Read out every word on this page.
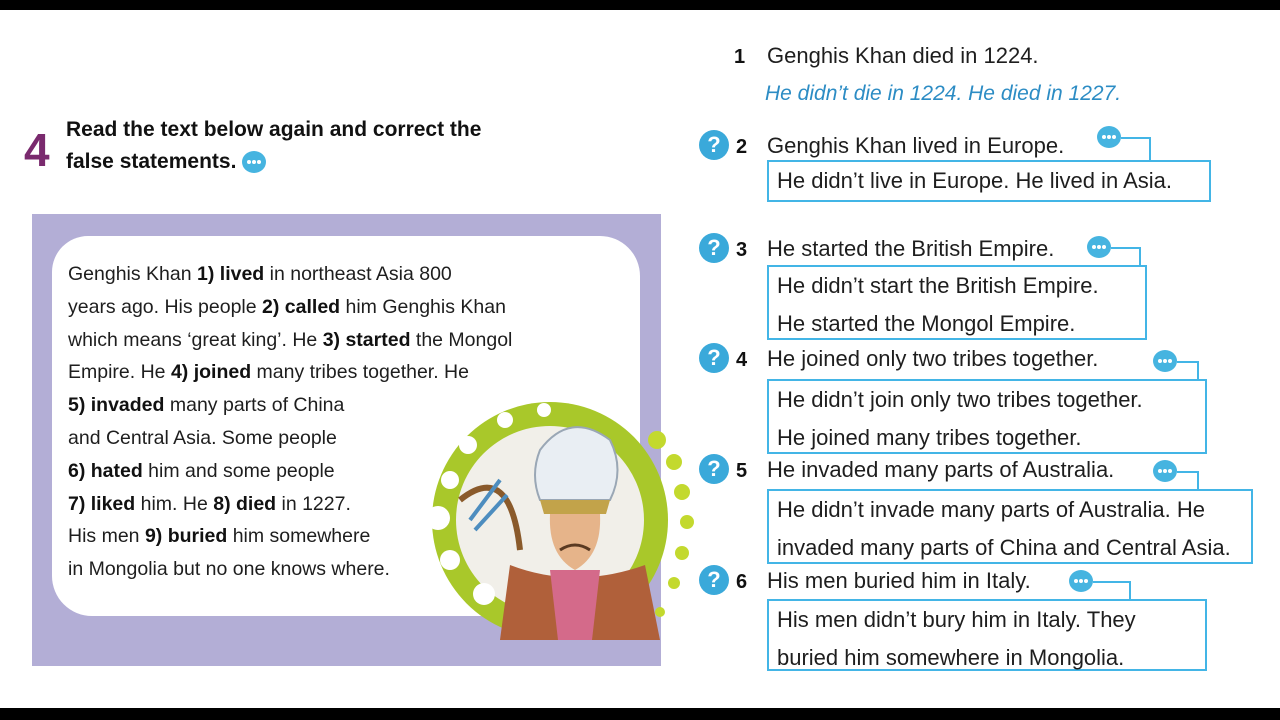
4 Read the text below again and correct the false statements.

Genghis Khan 1) lived in northeast Asia 800

years ago. His people 2) called him Genghis Khan

which means ‘great king’. He 3) started the Mongol

Empire. He 4) joined many tribes together. He

5) invaded many parts of China

and Central Asia. Some people

6) hated him and some people

7) liked him. He 8) died in 1227.

His men 9) buried him somewhere

in Mongolia but no one knows where.

1 Genghis Khan died in 1224.
He didn’t die in 1224. He died in 1227.
? 2 Genghis Khan lived in Europe.
He didn’t live in Europe. He lived in Asia.
? 3 He started the British Empire.
He didn’t start the British Empire.
He started the Mongol Empire.
? 4 He joined only two tribes together.
He didn’t join only two tribes together.
He joined many tribes together.
? 5 He invaded many parts of Australia.
He didn’t invade many parts of Australia. He
invaded many parts of China and Central Asia.
? 6 His men buried him in Italy.
His men didn’t bury him in Italy. They
buried him somewhere in Mongolia.
